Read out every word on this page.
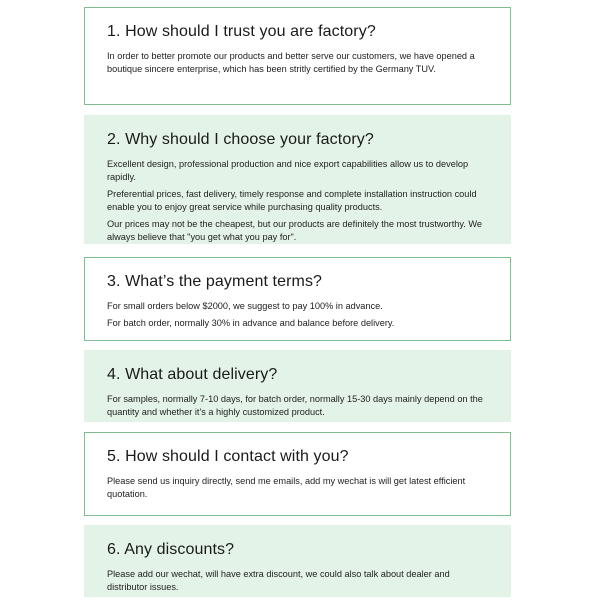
1. How should I trust you are factory?

In order to better promote our products and better serve our customers, we have opened a boutique sincere enterprise, which has been stritly certified by the Germany TUV.

2. Why should I choose your factory?

Excellent design, professional production and nice export capabilities allow us to develop rapidly.

Preferential prices, fast delivery, timely response and complete installation instruction could enable you to enjoy great service while purchasing quality products.

Our prices may not be the cheapest, but our products are definitely the most trustworthy. We always believe that "you get what you pay for".

3. What’s the payment terms?

For small orders below $2000, we suggest to pay 100% in advance.

For batch order, normally 30% in advance and balance before delivery.

4. What about delivery?

For samples, normally 7-10 days, for batch order, normally 15-30 days mainly depend on the quantity and whether it's a highly customized product.

5. How should I contact with you?

Please send us inquiry directly, send me emails, add my wechat is will get latest efficient quotation.

6. Any discounts?

Please add our wechat, will have extra discount, we could also talk about dealer and distributor issues.
